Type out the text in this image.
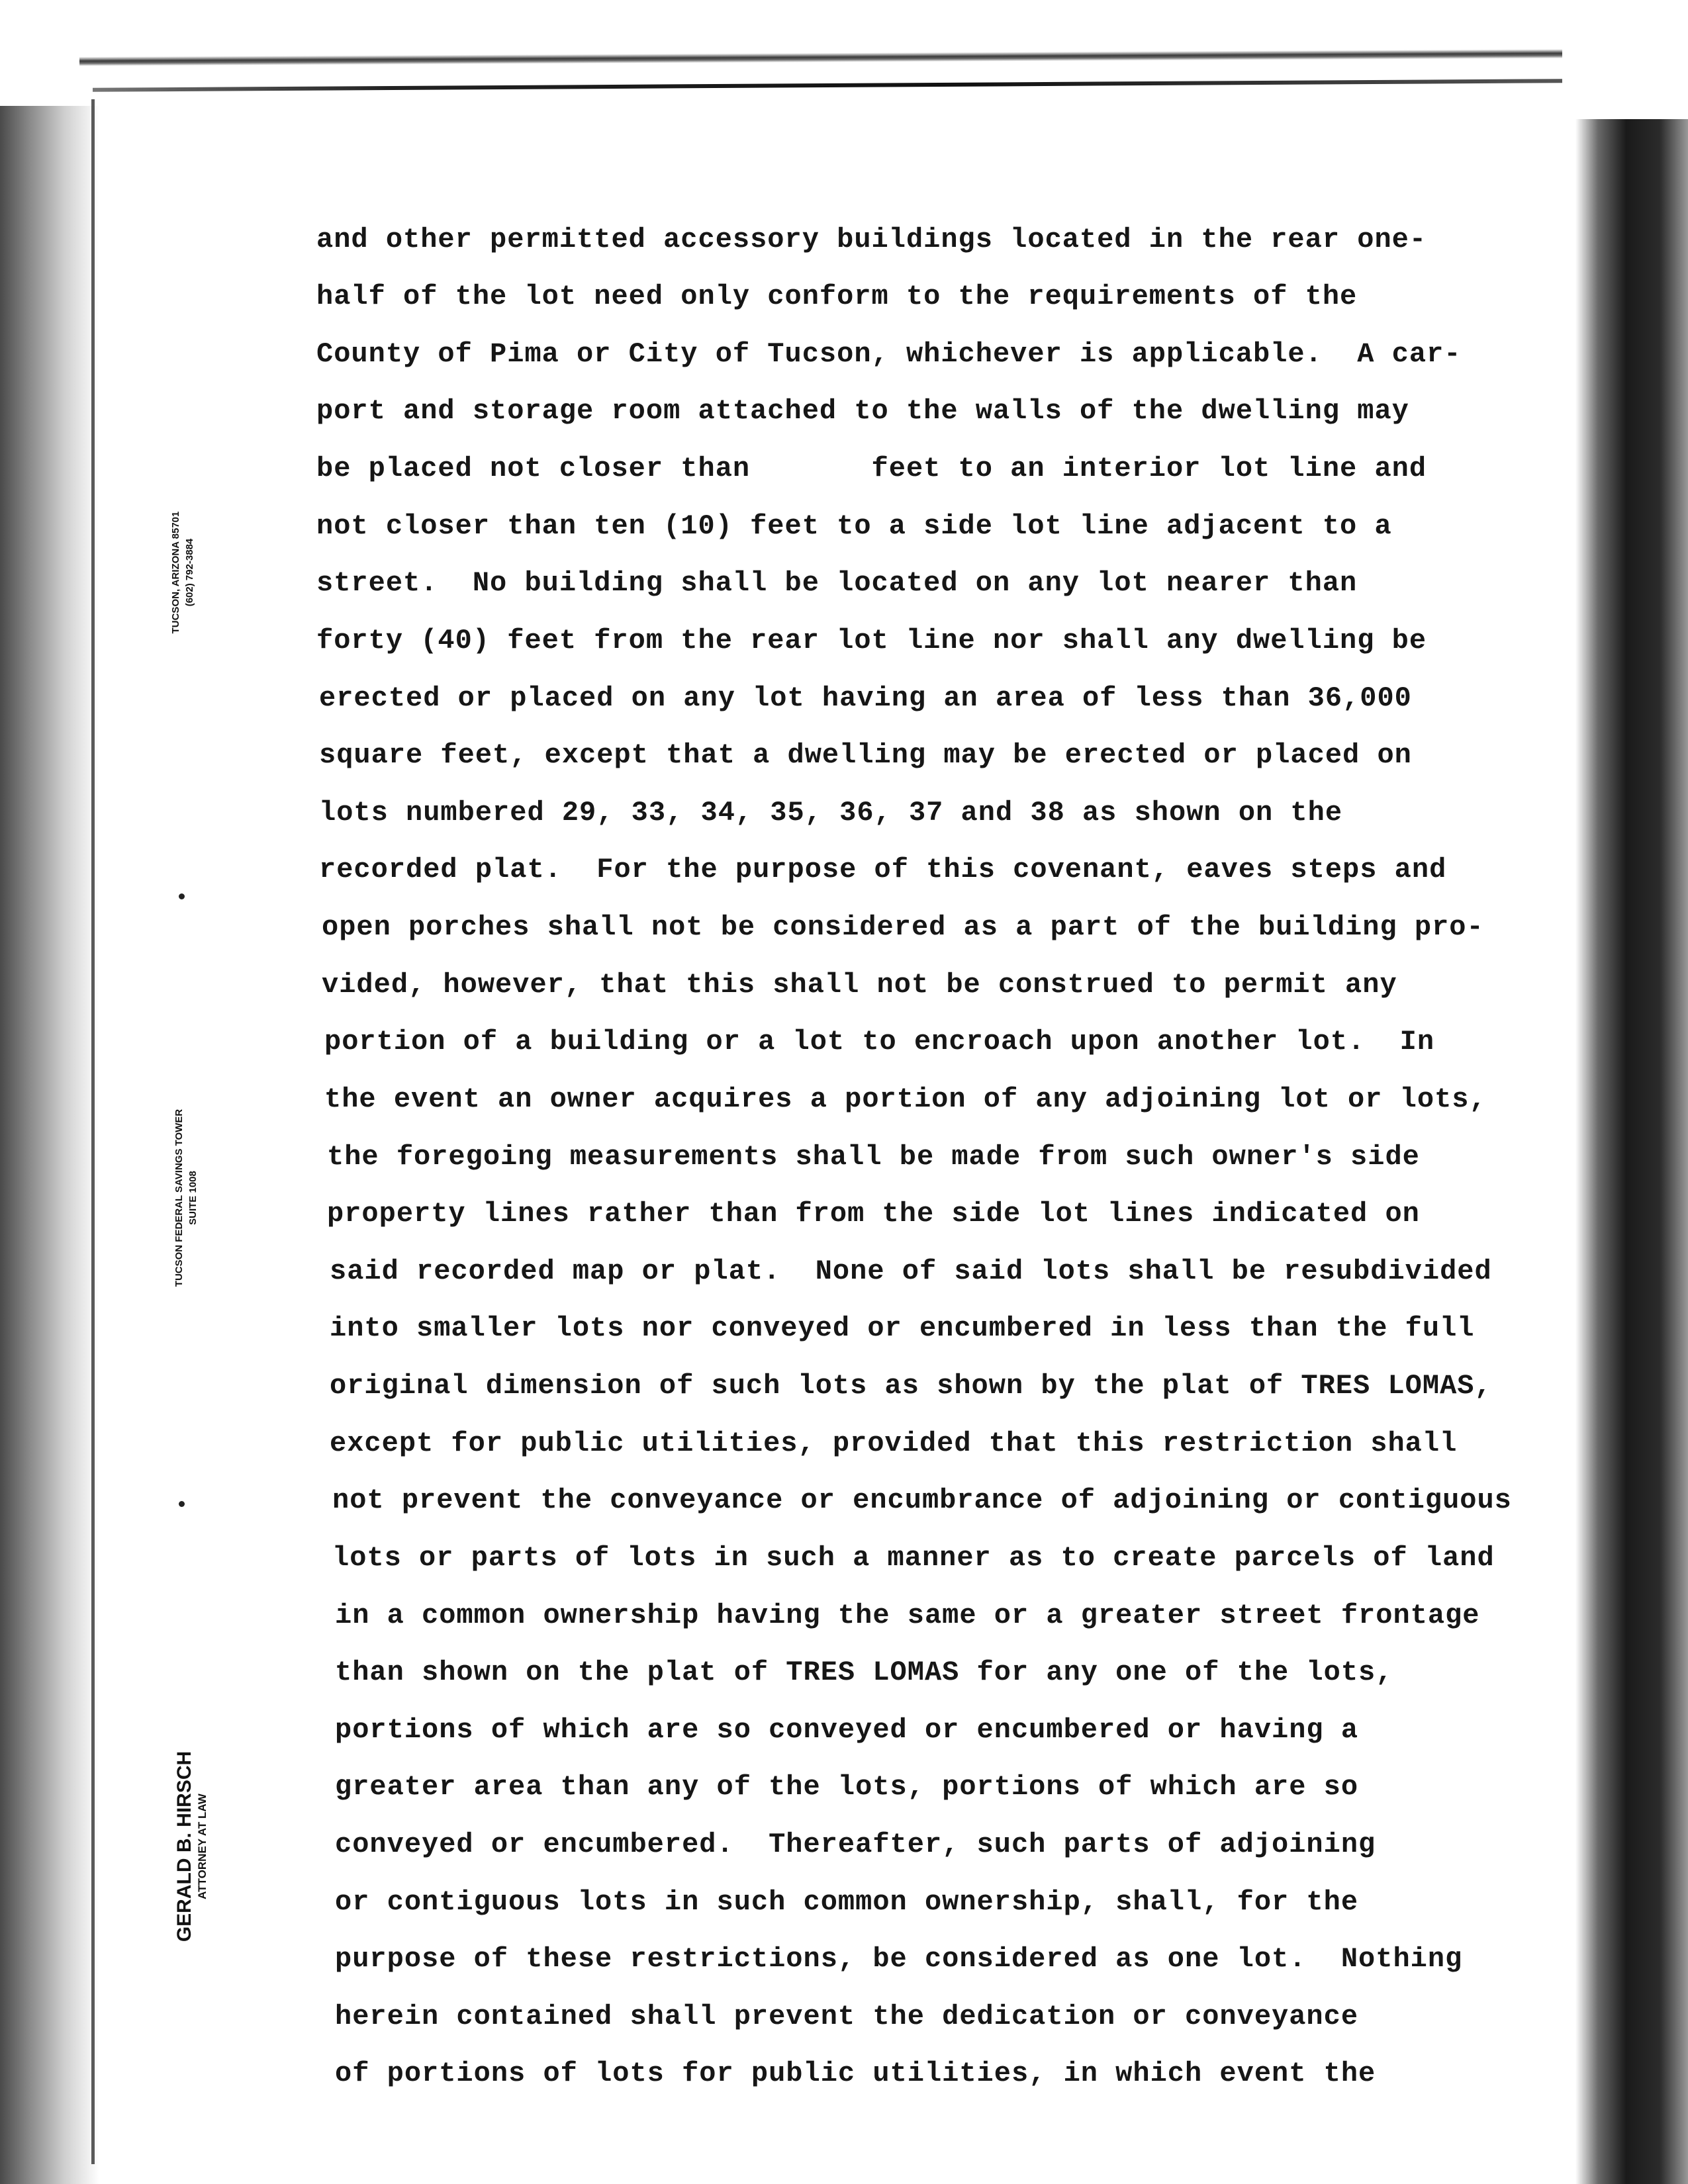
TUCSON, ARIZONA 85701 (602) 792-3884
TUCSON FEDERAL SAVINGS TOWER SUITE 1008
GERALD B. HIRSCH ATTORNEY AT LAW
and other permitted accessory buildings located in the rear one-
half of the lot need only conform to the requirements of the
County of Pima or City of Tucson, whichever is applicable.  A car-
port and storage room attached to the walls of the dwelling may
be placed not closer than       feet to an interior lot line and
not closer than ten (10) feet to a side lot line adjacent to a
street.  No building shall be located on any lot nearer than
forty (40) feet from the rear lot line nor shall any dwelling be
erected or placed on any lot having an area of less than 36,000
square feet, except that a dwelling may be erected or placed on
lots numbered 29, 33, 34, 35, 36, 37 and 38 as shown on the
recorded plat.  For the purpose of this covenant, eaves steps and
open porches shall not be considered as a part of the building pro-
vided, however, that this shall not be construed to permit any
portion of a building or a lot to encroach upon another lot.  In
the event an owner acquires a portion of any adjoining lot or lots,
the foregoing measurements shall be made from such owner's side
property lines rather than from the side lot lines indicated on
said recorded map or plat.  None of said lots shall be resubdivided
into smaller lots nor conveyed or encumbered in less than the full
original dimension of such lots as shown by the plat of TRES LOMAS,
except for public utilities, provided that this restriction shall
not prevent the conveyance or encumbrance of adjoining or contiguous
lots or parts of lots in such a manner as to create parcels of land
in a common ownership having the same or a greater street frontage
than shown on the plat of TRES LOMAS for any one of the lots,
portions of which are so conveyed or encumbered or having a
greater area than any of the lots, portions of which are so
conveyed or encumbered.  Thereafter, such parts of adjoining
or contiguous lots in such common ownership, shall, for the
purpose of these restrictions, be considered as one lot.  Nothing
herein contained shall prevent the dedication or conveyance
of portions of lots for public utilities, in which event the
